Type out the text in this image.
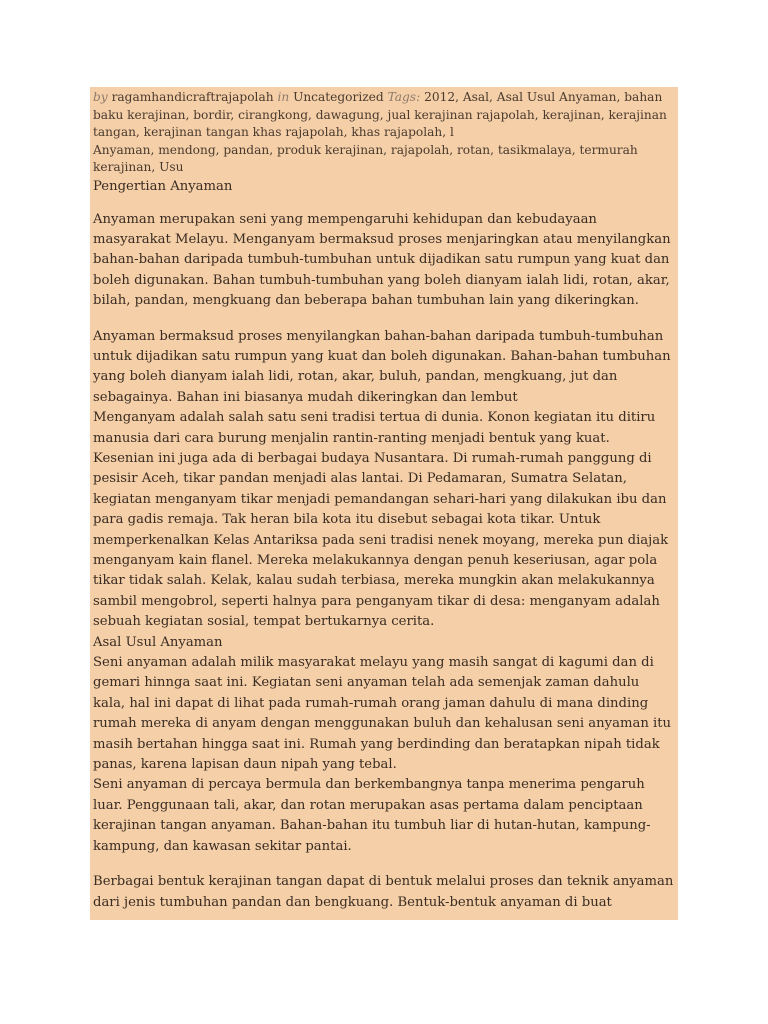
by ragamhandicraftrajapolah in Uncategorized Tags: 2012, Asal, Asal Usul Anyaman, bahan baku kerajinan, bordir, cirangkong, dawagung, jual kerajinan rajapolah, kerajinan, kerajinan tangan, kerajinan tangan khas rajapolah, khas rajapolah, l
Anyaman, mendong, pandan, produk kerajinan, rajapolah, rotan, tasikmalaya, termurah kerajinan, Usu

Pengertian Anyaman

Anyaman merupakan seni yang mempengaruhi kehidupan dan kebudayaan masyarakat Melayu. Menganyam bermaksud proses menjaringkan atau menyilangkan bahan-bahan daripada tumbuh-tumbuhan untuk dijadikan satu rumpun yang kuat dan boleh digunakan. Bahan tumbuh-tumbuhan yang boleh dianyam ialah lidi, rotan, akar, bilah, pandan, mengkuang dan beberapa bahan tumbuhan lain yang dikeringkan.

Anyaman bermaksud proses menyilangkan bahan-bahan daripada tumbuh-tumbuhan untuk dijadikan satu rumpun yang kuat dan boleh digunakan. Bahan-bahan tumbuhan yang boleh dianyam ialah lidi, rotan, akar, buluh, pandan, mengkuang, jut dan sebagainya. Bahan ini biasanya mudah dikeringkan dan lembut

Menganyam adalah salah satu seni tradisi tertua di dunia. Konon kegiatan itu ditiru manusia dari cara burung menjalin rantin-ranting menjadi bentuk yang kuat.

Kesenian ini juga ada di berbagai budaya Nusantara. Di rumah-rumah panggung di pesisir Aceh, tikar pandan menjadi alas lantai. Di Pedamaran, Sumatra Selatan, kegiatan menganyam tikar menjadi pemandangan sehari-hari yang dilakukan ibu dan para gadis remaja. Tak heran bila kota itu disebut sebagai kota tikar. Untuk memperkenalkan Kelas Antariksa pada seni tradisi nenek moyang, mereka pun diajak menganyam kain flanel. Mereka melakukannya dengan penuh keseriusan, agar pola tikar tidak salah. Kelak, kalau sudah terbiasa, mereka mungkin akan melakukannya sambil mengobrol, seperti halnya para penganyam tikar di desa: menganyam adalah sebuah kegiatan sosial, tempat bertukarnya cerita.

Asal Usul Anyaman

Seni anyaman adalah milik masyarakat melayu yang masih sangat di kagumi dan di gemari hinnga saat ini. Kegiatan seni anyaman telah ada semenjak zaman dahulu kala, hal ini dapat di lihat pada rumah-rumah orang jaman dahulu di mana dinding rumah mereka di anyam dengan menggunakan buluh dan kehalusan seni anyaman itu masih bertahan hingga saat ini. Rumah yang berdinding dan beratapkan nipah tidak panas, karena lapisan daun nipah yang tebal.

Seni anyaman di percaya bermula dan berkembangnya tanpa menerima pengaruh luar. Penggunaan tali, akar, dan rotan merupakan asas pertama dalam penciptaan kerajinan tangan anyaman. Bahan-bahan itu tumbuh liar di hutan-hutan, kampung-kampung, dan kawasan sekitar pantai.

Berbagai bentuk kerajinan tangan dapat di bentuk melalui proses dan teknik anyaman dari jenis tumbuhan pandan dan bengkuang. Bentuk-bentuk anyaman di buat
